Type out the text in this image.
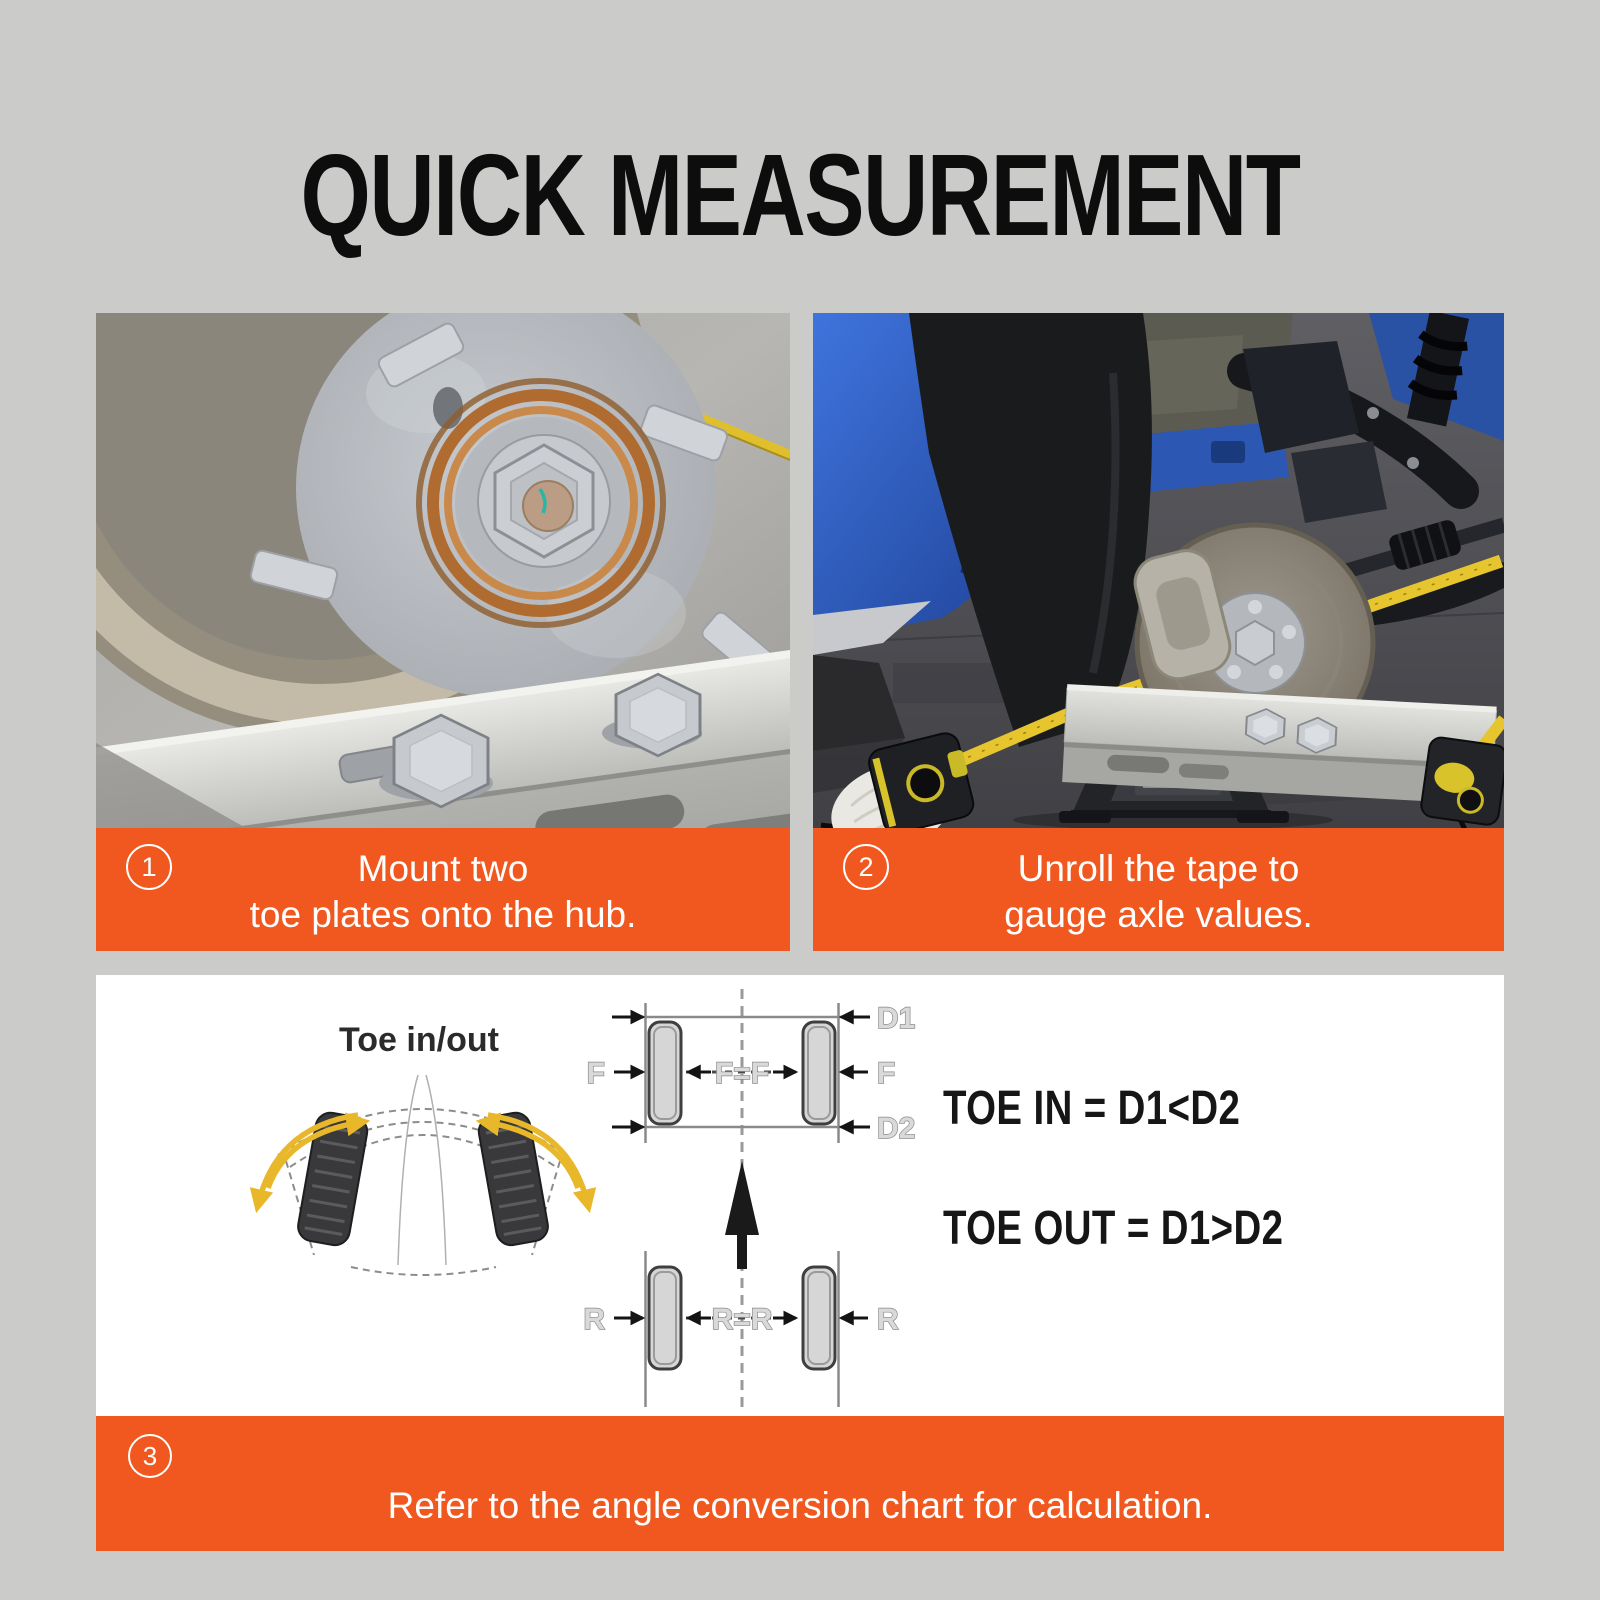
QUICK MEASUREMENT
1	Mount two
toe plates onto the hub.
2	Unroll the tape to
gauge axle values.
Toe in/out
D1
D2
F	F
F=F
R	R
R=R
TOE IN = D1<D2
TOE OUT = D1>D2
3
Refer to the angle conversion chart for calculation.
